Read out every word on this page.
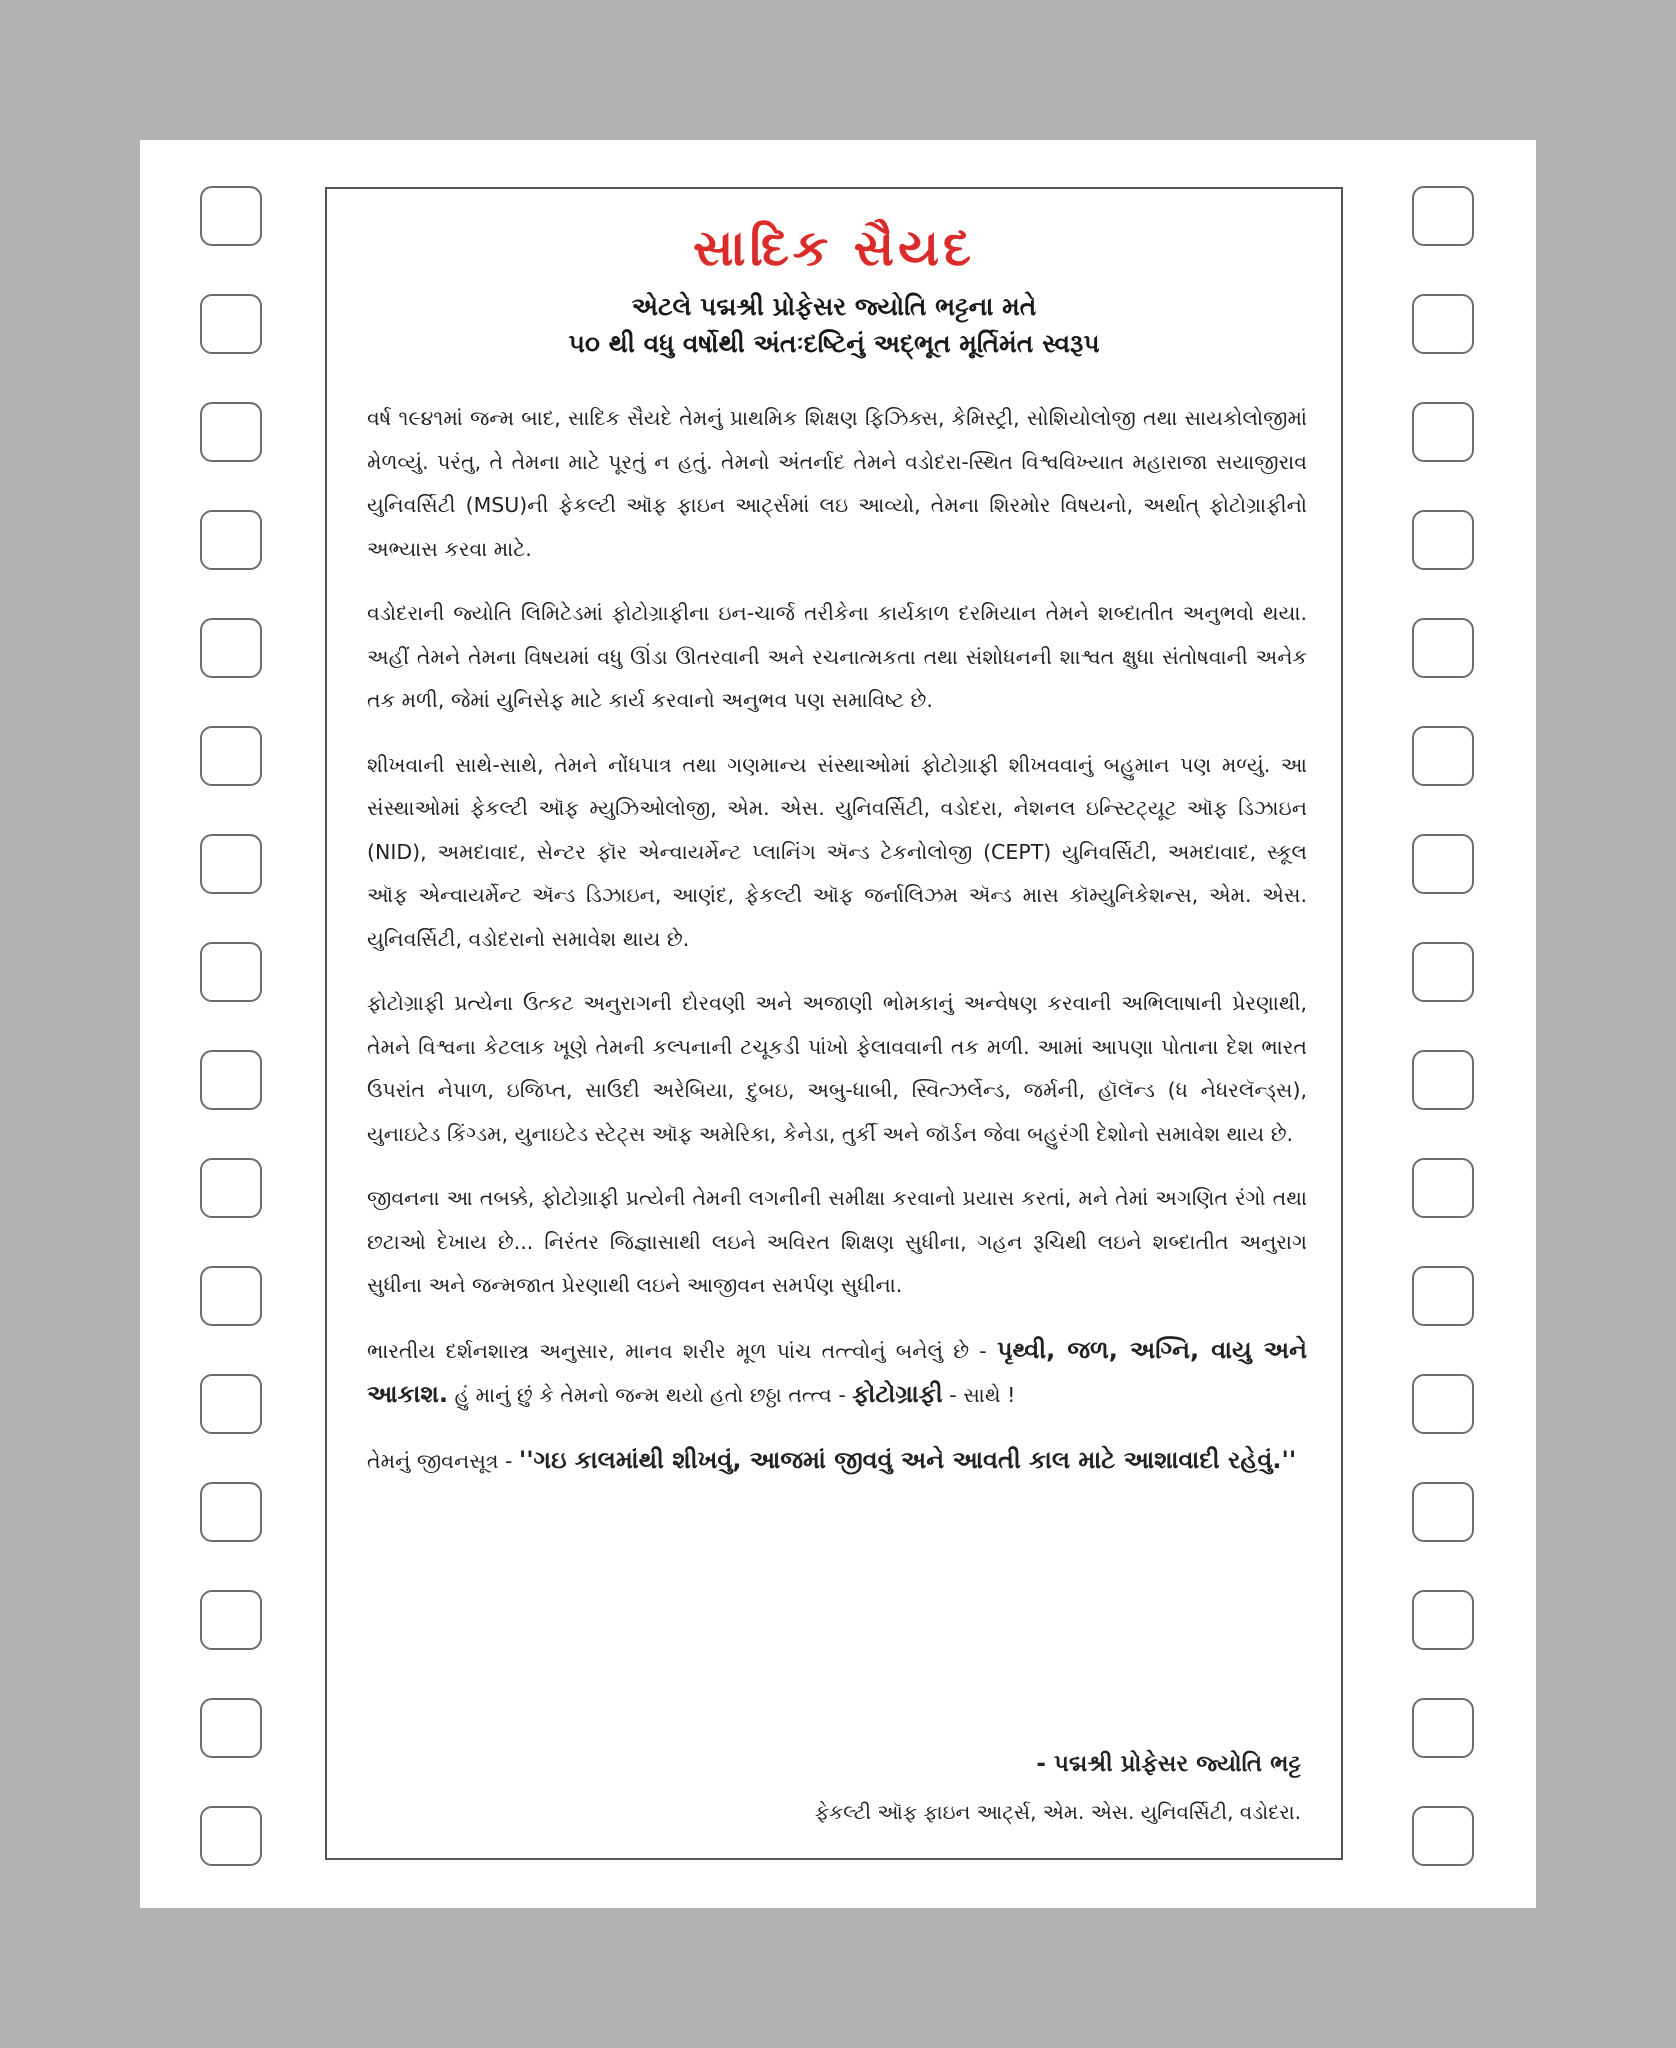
સાદિક સૈયદ
એટલે પદ્મશ્રી પ્રોફેસર જ્યોતિ ભટ્ટના મતે
૫૦ થી વધુ વર્ષોથી અંતઃદષ્ટિનું અદ્ભૂત મૂર્તિમંત સ્વરૂપ

વર્ષ ૧૯૪૧માં જન્મ બાદ, સાદિક સૈયદે તેમનું પ્રાથમિક શિક્ષણ ફિઝિક્સ, કેમિસ્ટ્રી, સોશિયોલોજી તથા સાયકોલોજીમાં મેળવ્યું. પરંતુ, તે તેમના માટે પૂરતું ન હતું. તેમનો અંતર્નાદ તેમને વડોદરા-સ્થિત વિશ્વવિખ્યાત મહારાજા સયાજીરાવ યુનિવર્સિટી (MSU)ની ફેકલ્ટી ઑફ ફાઇન આર્ટ્સમાં લઇ આવ્યો, તેમના શિરમોર વિષયનો, અર્થાત્ ફોટોગ્રાફીનો અભ્યાસ કરવા માટે.

વડોદરાની જ્યોતિ લિમિટેડમાં ફોટોગ્રાફીના ઇન-ચાર્જ તરીકેના કાર્યકાળ દરમિયાન તેમને શબ્દાતીત અનુભવો થયા. અહીં તેમને તેમના વિષયમાં વધુ ઊંડા ઊતરવાની અને રચનાત્મકતા તથા સંશોધનની શાશ્વત ક્ષુધા સંતોષવાની અનેક તક મળી, જેમાં યુનિસેફ માટે કાર્ય કરવાનો અનુભવ પણ સમાવિષ્ટ છે.

શીખવાની સાથે-સાથે, તેમને નોંધપાત્ર તથા ગણમાન્ય સંસ્થાઓમાં ફોટોગ્રાફી શીખવવાનું બહુમાન પણ મળ્યું. આ સંસ્થાઓમાં ફેકલ્ટી ઑફ મ્યુઝિઓલોજી, એમ. એસ. યુનિવર્સિટી, વડોદરા, નેશનલ ઇન્સ્ટિટ્યૂટ ઑફ ડિઝાઇન (NID), અમદાવાદ, સેન્ટર ફૉર એન્વાયર્મેન્ટ પ્લાનિંગ ઍન્ડ ટેકનોલોજી (CEPT) યુનિવર્સિટી, અમદાવાદ, સ્કૂલ ઑફ એન્વાયર્મેન્ટ ઍન્ડ ડિઝાઇન, આણંદ, ફેકલ્ટી ઑફ જર્નાલિઝમ ઍન્ડ માસ કૉમ્યુનિકેશન્સ, એમ. એસ. યુનિવર્સિટી, વડોદરાનો સમાવેશ થાય છે.

ફોટોગ્રાફી પ્રત્યેના ઉત્કટ અનુરાગની દોરવણી અને અજાણી ભોમકાનું અન્વેષણ કરવાની અભિલાષાની પ્રેરણાથી, તેમને વિશ્વના કેટલાક ખૂણે તેમની કલ્પનાની ટચૂકડી પાંખો ફેલાવવાની તક મળી. આમાં આપણા પોતાના દેશ ભારત ઉપરાંત નેપાળ, ઇજિપ્ત, સાઉદી અરેબિયા, દુબઇ, અબુ-ધાબી, સ્વિત્ઝર્લેન્ડ, જર્મની, હૉલૅન્ડ (ધ નેધરલૅન્ડ્સ), યુનાઇટેડ કિંગ્ડમ, યુનાઇટેડ સ્ટેટ્સ ઑફ અમેરિકા, કેનેડા, તુર્કી અને જૉર્ડન જેવા બહુરંગી દેશોનો સમાવેશ થાય છે.

જીવનના આ તબક્કે, ફોટોગ્રાફી પ્રત્યેની તેમની લગનીની સમીક્ષા કરવાનો પ્રયાસ કરતાં, મને તેમાં અગણિત રંગો તથા છટાઓ દેખાય છે... નિરંતર જિજ્ઞાસાથી લઇને અવિરત શિક્ષણ સુધીના, ગહન રૂચિથી લઇને શબ્દાતીત અનુરાગ સુધીના અને જન્મજાત પ્રેરણાથી લઇને આજીવન સમર્પણ સુધીના.

ભારતીય દર્શનશાસ્ત્ર અનુસાર, માનવ શરીર મૂળ પાંચ તત્ત્વોનું બનેલું છે - પૃથ્વી, જળ, અગ્નિ, વાયુ અને આકાશ. હું માનું છું કે તેમનો જન્મ થયો હતો છઠ્ઠા તત્ત્વ - ફોટોગ્રાફી - સાથે !

તેમનું જીવનસૂત્ર - ''ગઇ કાલમાંથી શીખવું, આજમાં જીવવું અને આવતી કાલ માટે આશાવાદી રહેવું.''

- પદ્મશ્રી પ્રોફેસર જ્યોતિ ભટ્ટ
ફેકલ્ટી ઑફ ફાઇન આર્ટ્સ, એમ. એસ. યુનિવર્સિટી, વડોદરા.
